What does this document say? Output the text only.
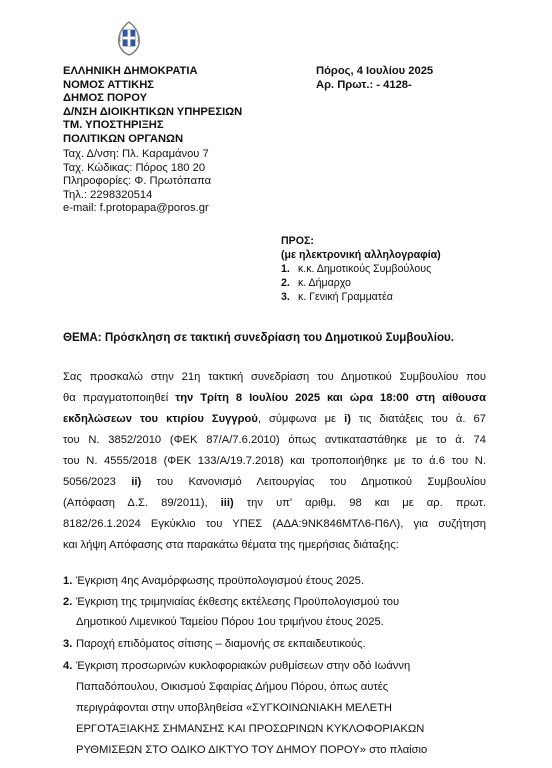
ΕΛΛΗΝΙΚΗ ΔΗΜΟΚΡΑΤΙΑ
ΝΟΜΟΣ ΑΤΤΙΚΗΣ
ΔΗΜΟΣ ΠΟΡΟΥ
Δ/ΝΣΗ ΔΙΟΙΚΗΤΙΚΩΝ ΥΠΗΡΕΣΙΩΝ
ΤΜ. ΥΠΟΣΤΗΡΙΞΗΣ
ΠΟΛΙΤΙΚΩΝ ΟΡΓΑΝΩΝ
Ταχ. Δ/νση: Πλ. Καραμάνου 7
Ταχ. Κώδικας: Πόρος 180 20
Πληροφορίες: Φ. Πρωτόπαπα
Τηλ.: 2298320514
e-mail: f.protopapa@poros.gr
Πόρος, 4 Ιουλίου 2025
Αρ. Πρωτ.: - 4128-
ΠΡΟΣ:
(με ηλεκτρονική αλληλογραφία)
1. κ.κ. Δημοτικούς Συμβούλους
2. κ. Δήμαρχο
3. κ. Γενική Γραμματέα
ΘΕΜΑ: Πρόσκληση σε τακτική συνεδρίαση του Δημοτικού Συμβουλίου.
Σας προσκαλώ στην 21η τακτική συνεδρίαση του Δημοτικού Συμβουλίου που
θα πραγματοποιηθεί την Τρίτη 8 Ιουλίου 2025 και ώρα 18:00 στη αίθουσα
εκδηλώσεων του κτιρίου Συγγρού, σύμφωνα με i) τις διατάξεις του ά. 67
του Ν. 3852/2010 (ΦΕΚ 87/Α/7.6.2010) όπως αντικαταστάθηκε με το ά. 74
του Ν. 4555/2018 (ΦΕΚ 133/Α/19.7.2018) και τροποποιήθηκε με το ά.6 του Ν.
5056/2023 ii) του Κανονισμό Λειτουργίας του Δημοτικού Συμβουλίου
(Απόφαση Δ.Σ. 89/2011), iii) την υπ' αριθμ. 98 και με αρ. πρωτ.
8182/26.1.2024 Εγκύκλιο του ΥΠΕΣ (ΑΔΑ:9ΝΚ846ΜΤΛ6-Π6Λ), για συζήτηση
και λήψη Απόφασης στα παρακάτω θέματα της ημερήσιας διάταξης:
1. Έγκριση 4ης Αναμόρφωσης προϋπολογισμού έτους 2025.
2. Έγκριση της τριμηνιαίας έκθεσης εκτέλεσης Προϋπολογισμού του
Δημοτικού Λιμενικού Ταμείου Πόρου 1ου τριμήνου έτους 2025.
3. Παροχή επιδόματος σίτισης – διαμονής σε εκπαιδευτικούς.
4. Έγκριση προσωρινών κυκλοφοριακών ρυθμίσεων στην οδό Ιωάννη
Παπαδόπουλου, Οικισμού Σφαιρίας Δήμου Πόρου, όπως αυτές
περιγράφονται στην υποβληθείσα «ΣΥΓΚΟΙΝΩΝΙΑΚΗ ΜΕΛΕΤΗ
ΕΡΓΟΤΑΞΙΑΚΗΣ ΣΗΜΑΝΣΗΣ ΚΑΙ ΠΡΟΣΩΡΙΝΩΝ ΚΥΚΛΟΦΟΡΙΑΚΩΝ
ΡΥΘΜΙΣΕΩΝ ΣΤΟ ΟΔΙΚΟ ΔΙΚΤΥΟ ΤΟΥ ΔΗΜΟΥ ΠΟΡΟΥ» στο πλαίσιο
